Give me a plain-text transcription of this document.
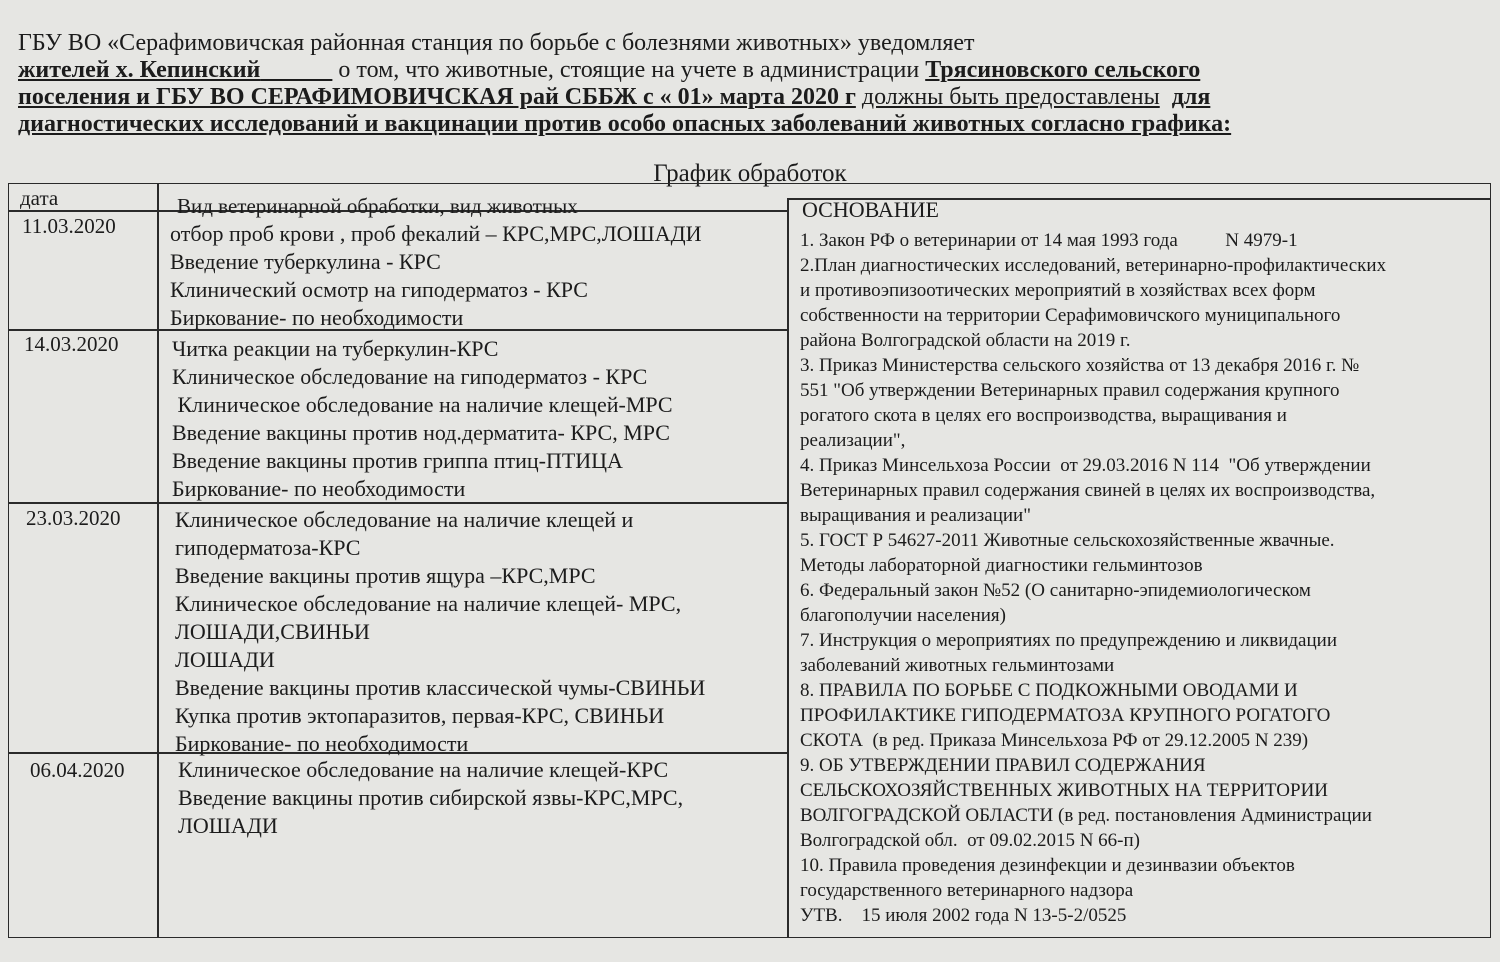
ГБУ ВО «Серафимовичская районная станция по борьбе с болезнями животных» уведомляет
жителей х. Кепинский	о том, что животные, стоящие на учете в администрации Трясиновского сельского
поселения и ГБУ ВО СЕРАФИМОВИЧСКАЯ рай СББЖ с « 01» марта 2020 г должны быть предоставлены для
диагностических исследований и вакцинации против особо опасных заболеваний животных согласно графика:
График обработок
дата	Вид ветеринарной обработки, вид животных	ОСНОВАНИЕ
11.03.2020 отбор проб крови , проб фекалий – КРС,МРС,ЛОШАДИ
Введение туберкулина - КРС
Клинический осмотр на гиподерматоз - КРС
Биркование- по необходимости
14.03.2020 Читка реакции на туберкулин-КРС
Клиническое обследование на гиподерматоз - КРС
Клиническое обследование на наличие клещей-МРС
Введение вакцины против нод.дерматита- КРС, МРС
Введение вакцины против гриппа птиц-ПТИЦА
Биркование- по необходимости
23.03.2020 Клиническое обследование на наличие клещей и
гиподерматоза-КРС
Введение вакцины против ящура –КРС,МРС
Клиническое обследование на наличие клещей- МРС,
ЛОШАДИ,СВИНЬИ
ЛОШАДИ
Введение вакцины против классической чумы-СВИНЬИ
Купка против эктопаразитов, первая-КРС, СВИНЬИ
Биркование- по необходимости
06.04.2020 Клиническое обследование на наличие клещей-КРС
Введение вакцины против сибирской язвы-КРС,МРС,
ЛОШАДИ
1. Закон РФ о ветеринарии от 14 мая 1993 года          N 4979-1
2.План диагностических исследований, ветеринарно-профилактических
и противоэпизоотических мероприятий в хозяйствах всех форм
собственности на территории Серафимовичского муниципального
района Волгоградской области на 2019 г.
3. Приказ Министерства сельского хозяйства от 13 декабря 2016 г. №
551 "Об утверждении Ветеринарных правил содержания крупного
рогатого скота в целях его воспроизводства, выращивания и
реализации",
4. Приказ Минсельхоза России  от 29.03.2016 N 114  "Об утверждении
Ветеринарных правил содержания свиней в целях их воспроизводства,
выращивания и реализации"
5. ГОСТ Р 54627-2011 Животные сельскохозяйственные жвачные.
Методы лабораторной диагностики гельминтозов
6. Федеральный закон №52 (О санитарно-эпидемиологическом
благополучии населения)
7. Инструкция о мероприятиях по предупреждению и ликвидации
заболеваний животных гельминтозами
8. ПРАВИЛА ПО БОРЬБЕ С ПОДКОЖНЫМИ ОВОДАМИ И
ПРОФИЛАКТИКЕ ГИПОДЕРМАТОЗА КРУПНОГО РОГАТОГО
СКОТА  (в ред. Приказа Минсельхоза РФ от 29.12.2005 N 239)
9. ОБ УТВЕРЖДЕНИИ ПРАВИЛ СОДЕРЖАНИЯ
СЕЛЬСКОХОЗЯЙСТВЕННЫХ ЖИВОТНЫХ НА ТЕРРИТОРИИ
ВОЛГОГРАДСКОЙ ОБЛАСТИ (в ред. постановления Администрации
Волгоградской обл.  от 09.02.2015 N 66-п)
10. Правила проведения дезинфекции и дезинвазии объектов
государственного ветеринарного надзора
УТВ.    15 июля 2002 года N 13-5-2/0525
